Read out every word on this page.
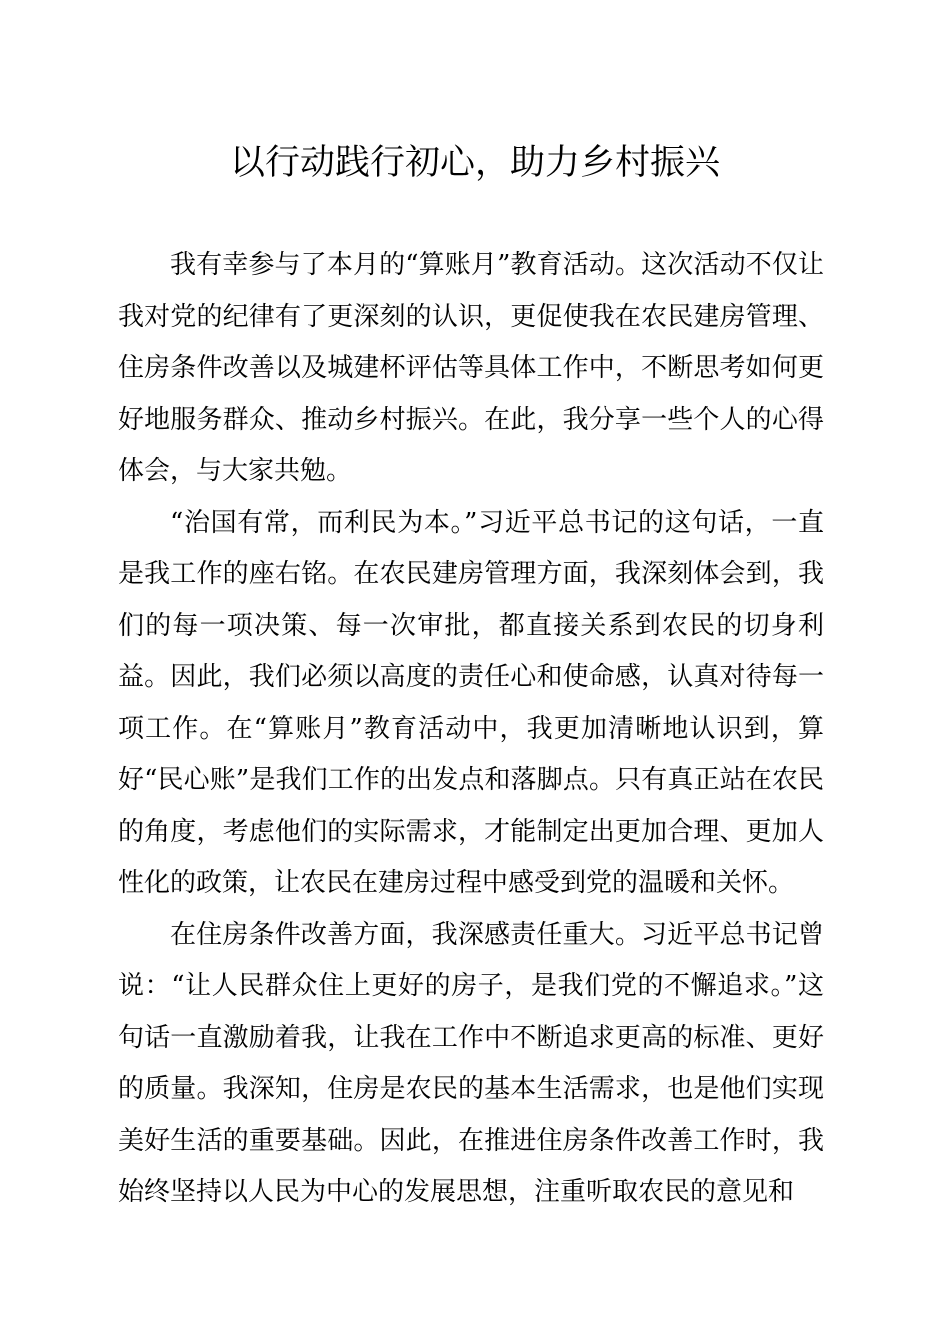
以行动践行初心，助力乡村振兴

我有幸参与了本月的“算账月”教育活动。这次活动不仅让我对党的纪律有了更深刻的认识，更促使我在农民建房管理、住房条件改善以及城建杯评估等具体工作中，不断思考如何更好地服务群众、推动乡村振兴。在此，我分享一些个人的心得体会，与大家共勉。

“治国有常，而利民为本。”习近平总书记的这句话，一直是我工作的座右铭。在农民建房管理方面，我深刻体会到，我们的每一项决策、每一次审批，都直接关系到农民的切身利益。因此，我们必须以高度的责任心和使命感，认真对待每一项工作。在“算账月”教育活动中，我更加清晰地认识到，算好“民心账”是我们工作的出发点和落脚点。只有真正站在农民的角度，考虑他们的实际需求，才能制定出更加合理、更加人性化的政策，让农民在建房过程中感受到党的温暖和关怀。

在住房条件改善方面，我深感责任重大。习近平总书记曾说：“让人民群众住上更好的房子，是我们党的不懈追求。”这句话一直激励着我，让我在工作中不断追求更高的标准、更好的质量。我深知，住房是农民的基本生活需求，也是他们实现美好生活的重要基础。因此，在推进住房条件改善工作时，我始终坚持以人民为中心的发展思想，注重听取农民的意见和
